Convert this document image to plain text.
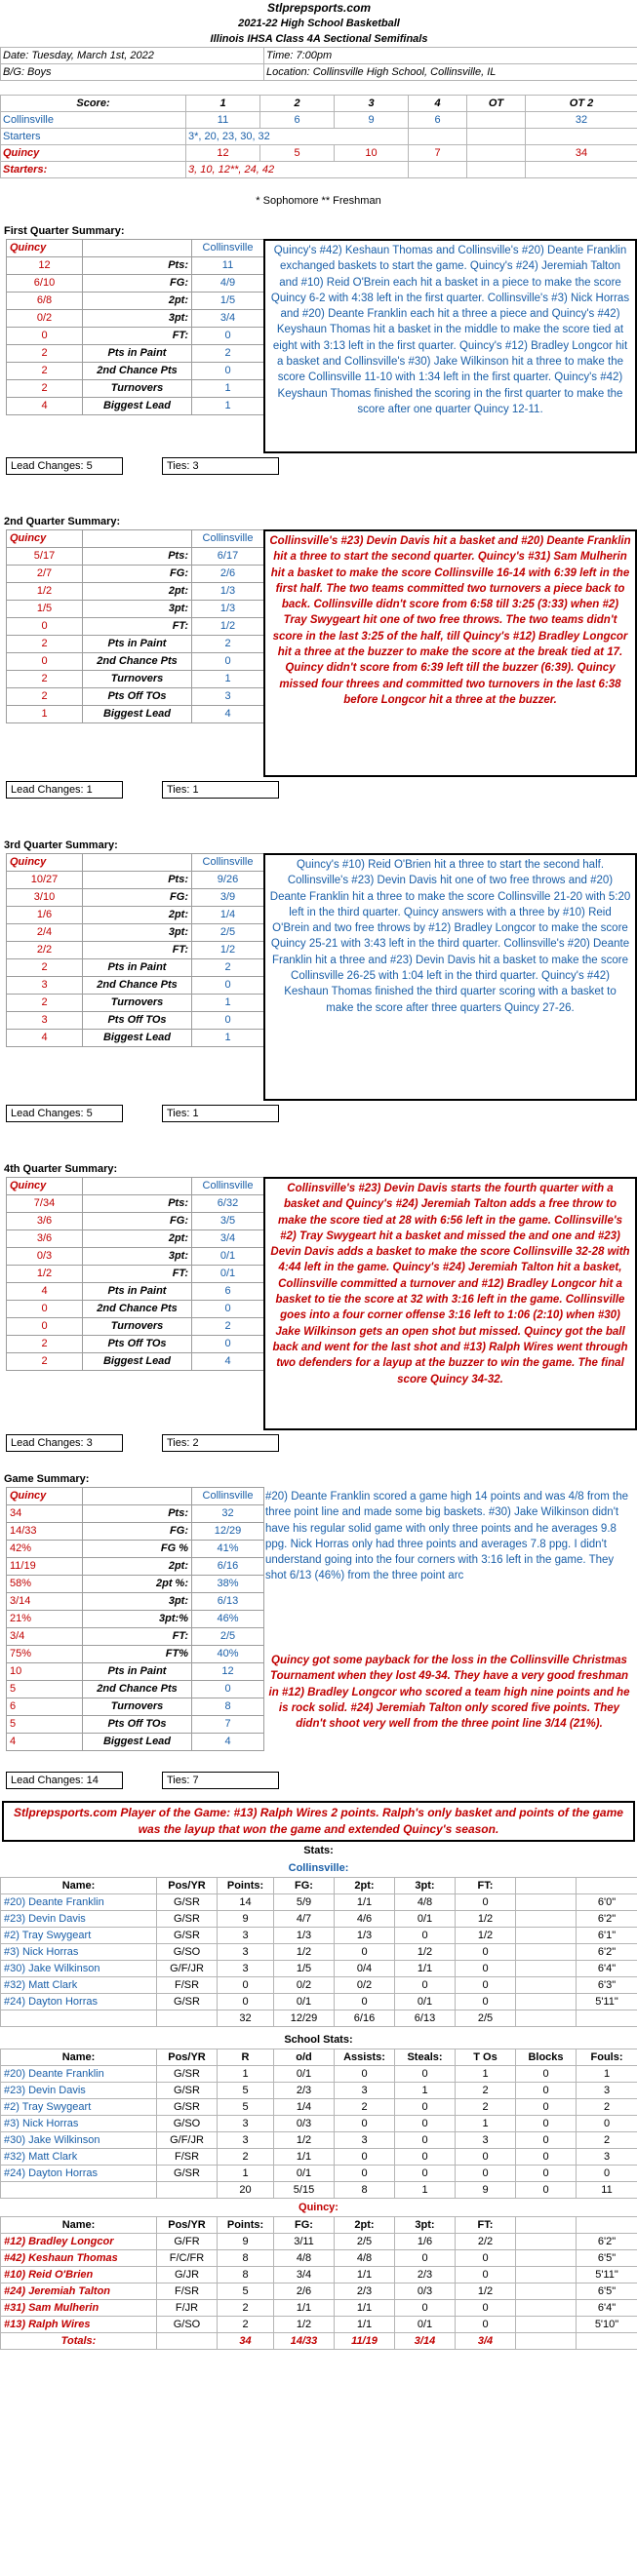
Stlprepsports.com	
2021-22 High School Basketball	
Illinois IHSA Class 4A Sectional Semifinals	
Date: Tuesday, March 1st, 2022	Time: 7:00pm
B/G: Boys	Location: Collinsville High School, Collinsville, IL
Score:	1	2	3	4	OT	OT 2
Collinsville	11	6	9	6		32
Starters	3*, 20, 23, 30, 32					
Quincy	12	5	10	7		34
Starters:	3, 10, 12**, 24, 42					
* Sophomore ** Freshman
First Quarter Summary:
Quincy		Collinsville
12	Pts:	11
6/10	FG:	4/9
6/8	2pt:	1/5
0/2	3pt:	3/4
0	FT:	0
2	Pts in Paint	2
2	2nd Chance Pts	0
2	Turnovers	1
4	Biggest Lead	1
Quincy's #42) Keshaun Thomas and Collinsville's #20) Deante Franklin exchanged baskets to start the game. Quincy's #24) Jeremiah Talton and #10) Reid O'Brein each hit a basket in a piece to make the score Quincy 6-2 with 4:38 left in the first quarter. Collinsville's #3) Nick Horras and #20) Deante Franklin each hit a three a piece and Quincy's #42) Keyshaun Thomas hit a basket in the middle to make the score tied at eight with 3:13 left in the first quarter. Quincy's #12) Bradley Longcor hit a basket and Collinsville's #30) Jake Wilkinson hit a three to make the score Collinsville 11-10 with 1:34 left in the first quarter. Quincy's #42) Keyshaun Thomas finished the scoring in the first quarter to make the score after one quarter Quincy 12-11.
Lead Changes: 5	Ties: 3
2nd Quarter Summary:
Quincy		Collinsville
5/17	Pts:	6/17
2/7	FG:	2/6
1/2	2pt:	1/3
1/5	3pt:	1/3
0	FT:	1/2
2	Pts in Paint	2
0	2nd Chance Pts	0
2	Turnovers	1
2	Pts Off TOs	3
1	Biggest Lead	4
Collinsville's #23) Devin Davis hit a basket and #20) Deante Franklin hit a three to start the second quarter. Quincy's #31) Sam Mulherin hit a basket to make the score Collinsville 16-14 with 6:39 left in the first half. The two teams committed two turnovers a piece back to back. Collinsville didn't score from 6:58 till 3:25 (3:33) when #2) Tray Swygeart hit one of two free throws. The two teams didn't score in the last 3:25 of the half, till Quincy's #12) Bradley Longcor hit a three at the buzzer to make the score at the break tied at 17. Quincy didn't score from 6:39 left till the buzzer (6:39). Quincy missed four threes and committed two turnovers in the last 6:38 before Longcor hit a three at the buzzer.
Lead Changes: 1	Ties: 1
3rd Quarter Summary:
Quincy		Collinsville
10/27	Pts:	9/26
3/10	FG:	3/9
1/6	2pt:	1/4
2/4	3pt:	2/5
2/2	FT:	1/2
2	Pts in Paint	2
3	2nd Chance Pts	0
2	Turnovers	1
3	Pts Off TOs	0
4	Biggest Lead	1
Quincy's #10) Reid O'Brien hit a three to start the second half. Collinsville's #23) Devin Davis hit one of two free throws and #20) Deante Franklin hit a three to make the score Collinsville 21-20 with 5:20 left in the third quarter. Quincy answers with a three by #10) Reid O'Brein and two free throws by #12) Bradley Longcor to make the score Quincy 25-21 with 3:43 left in the third quarter. Collinsville's #20) Deante Franklin hit a three and #23) Devin Davis hit a basket to make the score Collinsville 26-25 with 1:04 left in the third quarter. Quincy's #42) Keshaun Thomas finished the third quarter scoring with a basket to make the score after three quarters Quincy 27-26.
Lead Changes: 5	Ties: 1
4th Quarter Summary:
Quincy		Collinsville
7/34	Pts:	6/32
3/6	FG:	3/5
3/6	2pt:	3/4
0/3	3pt:	0/1
1/2	FT:	0/1
4	Pts in Paint	6
0	2nd Chance Pts	0
0	Turnovers	2
2	Pts Off TOs	0
2	Biggest Lead	4
Collinsville's #23) Devin Davis starts the fourth quarter with a basket and Quincy's #24) Jeremiah Talton adds a free throw to make the score tied at 28 with 6:56 left in the game. Collinsville's #2) Tray Swygeart hit a basket and missed the and one and #23) Devin Davis adds a basket to make the score Collinsville 32-28 with 4:44 left in the game. Quincy's #24) Jeremiah Talton hit a basket, Collinsville committed a turnover and #12) Bradley Longcor hit a basket to tie the score at 32 with 3:16 left in the game. Collinsville goes into a four corner offense 3:16 left to 1:06 (2:10) when #30) Jake Wilkinson gets an open shot but missed. Quincy got the ball back and went for the last shot and #13) Ralph Wires went through two defenders for a layup at the buzzer to win the game. The final score Quincy 34-32.
Lead Changes: 3	Ties: 2
Game Summary:
Quincy		Collinsville
34	Pts:	32
14/33	FG:	12/29
42%	FG %	41%
11/19	2pt:	6/16
58%	2pt %:	38%
3/14	3pt:	6/13
21%	3pt:%	46%
3/4	FT:	2/5
75%	FT%	40%
10	Pts in Paint	12
5	2nd Chance Pts	0
6	Turnovers	8
5	Pts Off TOs	7
4	Biggest Lead	4
#20) Deante Franklin scored a game high 14 points and was 4/8 from the three point line and made some big baskets. #30) Jake Wilkinson didn't have his regular solid game with only three points and he averages 9.8 ppg. Nick Horras only had three points and averages 7.8 ppg. I didn't understand going into the four corners with 3:16 left in the game. They shot 6/13 (46%) from the three point arc
Quincy got some payback for the loss in the Collinsville Christmas Tournament when they lost 49-34. They have a very good freshman in #12) Bradley Longcor who scored a team high nine points and he is rock solid. #24) Jeremiah Talton only scored five points. They didn't shoot very well from the three point line 3/14 (21%).
Lead Changes: 14	Ties: 7
Stlprepsports.com Player of the Game: #13) Ralph Wires 2 points. Ralph's only basket and points of the game was the layup that won the game and extended Quincy's season.
Stats:
Collinsville:
Name:	Pos/YR	Points:	FG:	2pt:	3pt:	FT:		
#20) Deante Franklin	G/SR	14	5/9	1/1	4/8	0		6'0"
#23) Devin Davis	G/SR	9	4/7	4/6	0/1	1/2		6'2"
#2) Tray Swygeart	G/SR	3	1/3	1/3	0	1/2		6'1"
#3) Nick Horras	G/SO	3	1/2	0	1/2	0		6'2"
#30) Jake Wilkinson	G/F/JR	3	1/5	0/4	1/1	0		6'4"
#32) Matt Clark	F/SR	0	0/2	0/2	0	0		6'3"
#24) Dayton Horras	G/SR	0	0/1	0	0/1	0		5'11"
		32	12/29	6/16	6/13	2/5		
School Stats:
Name:	Pos/YR	R	o/d	Assists:	Steals:	T Os	Blocks	Fouls:
#20) Deante Franklin	G/SR	1	0/1	0	0	1	0	1
#23) Devin Davis	G/SR	5	2/3	3	1	2	0	3
#2) Tray Swygeart	G/SR	5	1/4	2	0	2	0	2
#3) Nick Horras	G/SO	3	0/3	0	0	1	0	0
#30) Jake Wilkinson	G/F/JR	3	1/2	3	0	3	0	2
#32) Matt Clark	F/SR	2	1/1	0	0	0	0	3
#24) Dayton Horras	G/SR	1	0/1	0	0	0	0	0
		20	5/15	8	1	9	0	11
Quincy:
Name:	Pos/YR	Points:	FG:	2pt:	3pt:	FT:		
#12) Bradley Longcor	G/FR	9	3/11	2/5	1/6	2/2		6'2"
#42) Keshaun Thomas	F/C/FR	8	4/8	4/8	0	0		6'5"
#10) Reid O'Brien	G/JR	8	3/4	1/1	2/3	0		5'11"
#24) Jeremiah Talton	F/SR	5	2/6	2/3	0/3	1/2		6'5"
#31) Sam Mulherin	F/JR	2	1/1	1/1	0	0		6'4"
#13) Ralph Wires	G/SO	2	1/2	1/1	0/1	0		5'10"
Totals:		34	14/33	11/19	3/14	3/4		
